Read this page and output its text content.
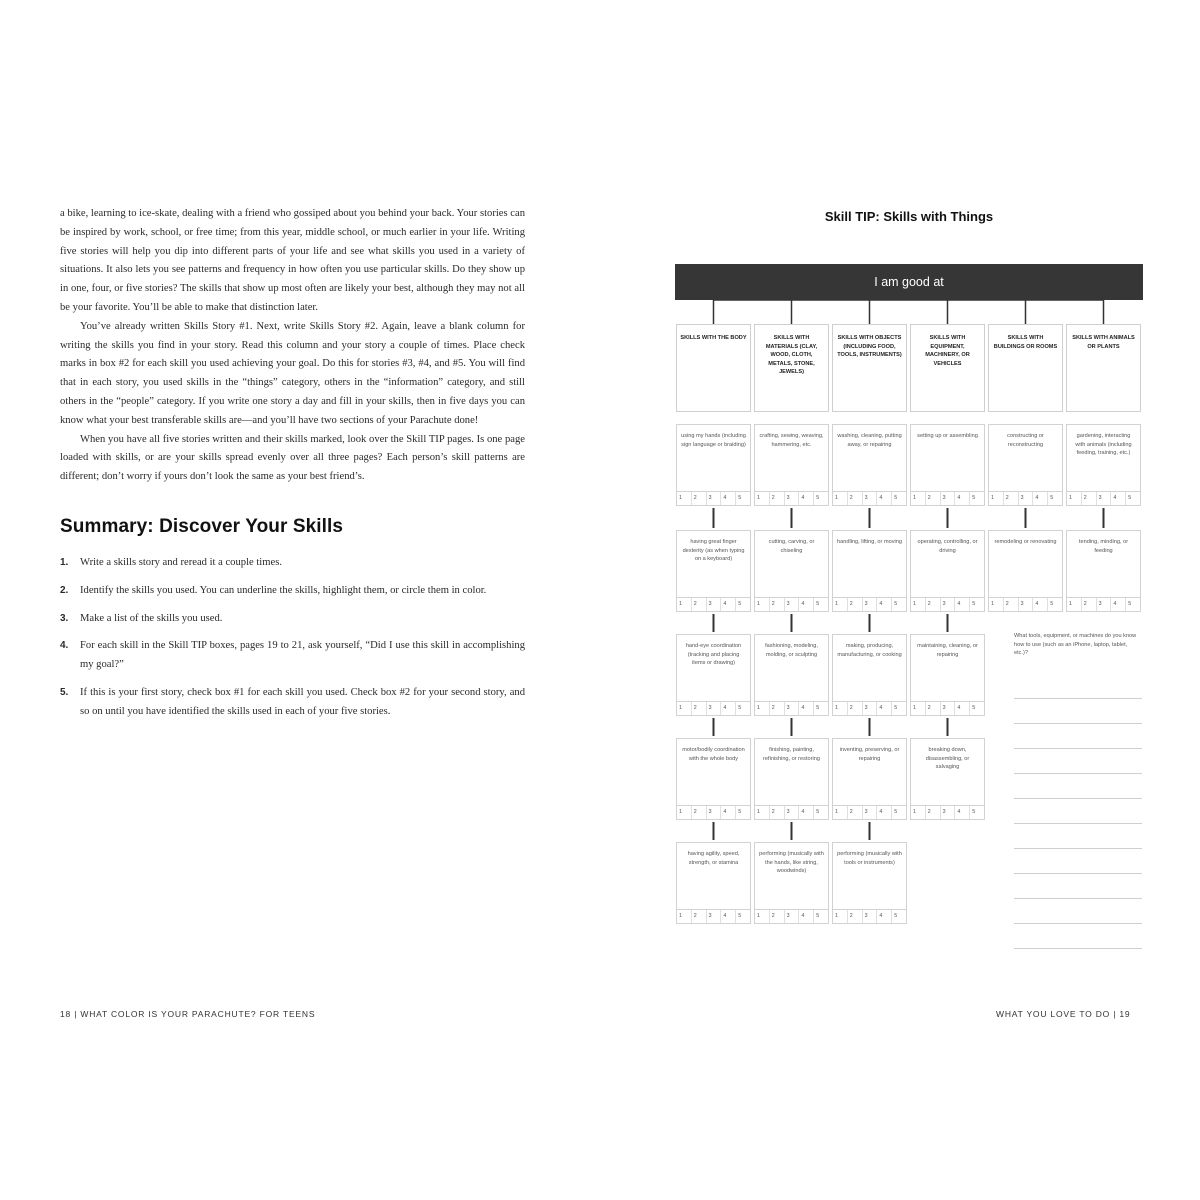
a bike, learning to ice-skate, dealing with a friend who gossiped about you behind your back. Your stories can be inspired by work, school, or free time; from this year, middle school, or much earlier in your life. Writing five stories will help you dip into different parts of your life and see what skills you used in a variety of situations. It also lets you see patterns and frequency in how often you use particular skills. Do they show up in one, four, or five stories? The skills that show up most often are likely your best, although they may not all be your favorite. You’ll be able to make that distinction later.

You’ve already written Skills Story #1. Next, write Skills Story #2. Again, leave a blank column for writing the skills you find in your story. Read this column and your story a couple of times. Place check marks in box #2 for each skill you used achieving your goal. Do this for stories #3, #4, and #5. You will find that in each story, you used skills in the “things” category, others in the “information” category, and still others in the “people” category. If you write one story a day and fill in your skills, then in five days you can know what your best transferable skills are—and you’ll have two sections of your Parachute done!

When you have all five stories written and their skills marked, look over the Skill TIP pages. Is one page loaded with skills, or are your skills spread evenly over all three pages? Each person’s skill patterns are different; don’t worry if yours don’t look the same as your best friend’s.

Summary: Discover Your Skills
1. Write a skills story and reread it a couple times.
2. Identify the skills you used. You can underline the skills, highlight them, or circle them in color.
3. Make a list of the skills you used.
4. For each skill in the Skill TIP boxes, pages 19 to 21, ask yourself, “Did I use this skill in accomplishing my goal?”
5. If this is your first story, check box #1 for each skill you used. Check box #2 for your second story, and so on until you have identified the skills used in each of your five stories.
18 | WHAT COLOR IS YOUR PARACHUTE? FOR TEENS
Skill TIP: Skills with Things
I am good at
SKILLS WITH THE BODY	SKILLS WITH MATERIALS (CLAY, WOOD, CLOTH, METALS, STONE, JEWELS)
SKILLS WITH OBJECTS (INCLUDING FOOD, TOOLS, INSTRUMENTS)
SKILLS WITH EQUIPMENT, MACHINERY, OR VEHICLES
SKILLS WITH BUILDINGS OR ROOMS
SKILLS WITH ANIMALS OR PLANTS
using my hands (including sign language or braiding)
1	2	3	4	5
crafting, sewing, weaving, hammering, etc.
1	2	3	4	5
washing, cleaning, putting away, or repairing
1	2	3	4	5
setting up or assembling
1	2	3	4	5
constructing or reconstructing
1	2	3	4	5
gardening, interacting with animals (including feeding, training, etc.)
1	2	3	4	5
having great finger dexterity (as when typing on a keyboard)
1	2	3	4	5
cutting, carving, or chiseling
1	2	3	4	5
handling, lifting, or moving
1	2	3	4	5
operating, controlling, or driving
1	2	3	4	5
remodeling or renovating
1	2	3	4	5
tending, minding, or feeding
1	2	3	4	5
hand-eye coordination (tracking and placing items or drawing)
1	2	3	4	5
fashioning, modeling, molding, or sculpting
1	2	3	4	5
making, producing, manufacturing, or cooking
1	2	3	4	5
maintaining, cleaning, or repairing
1	2	3	4	5
motor/bodily coordination with the whole body
1	2	3	4	5
finishing, painting, refinishing, or restoring
1	2	3	4	5
inventing, preserving, or repairing
1	2	3	4	5
breaking down, disassembling, or salvaging
1	2	3	4	5
having agility, speed, strength, or stamina
1	2	3	4	5
performing (musically with the hands, like string, woodwinds)
1	2	3	4	5
performing (musically with tools or instruments)
1	2	3	4	5
What tools, equipment, or machines do you know how to use (such as an iPhone, laptop, tablet, etc.)?
WHAT YOU LOVE TO DO | 19
